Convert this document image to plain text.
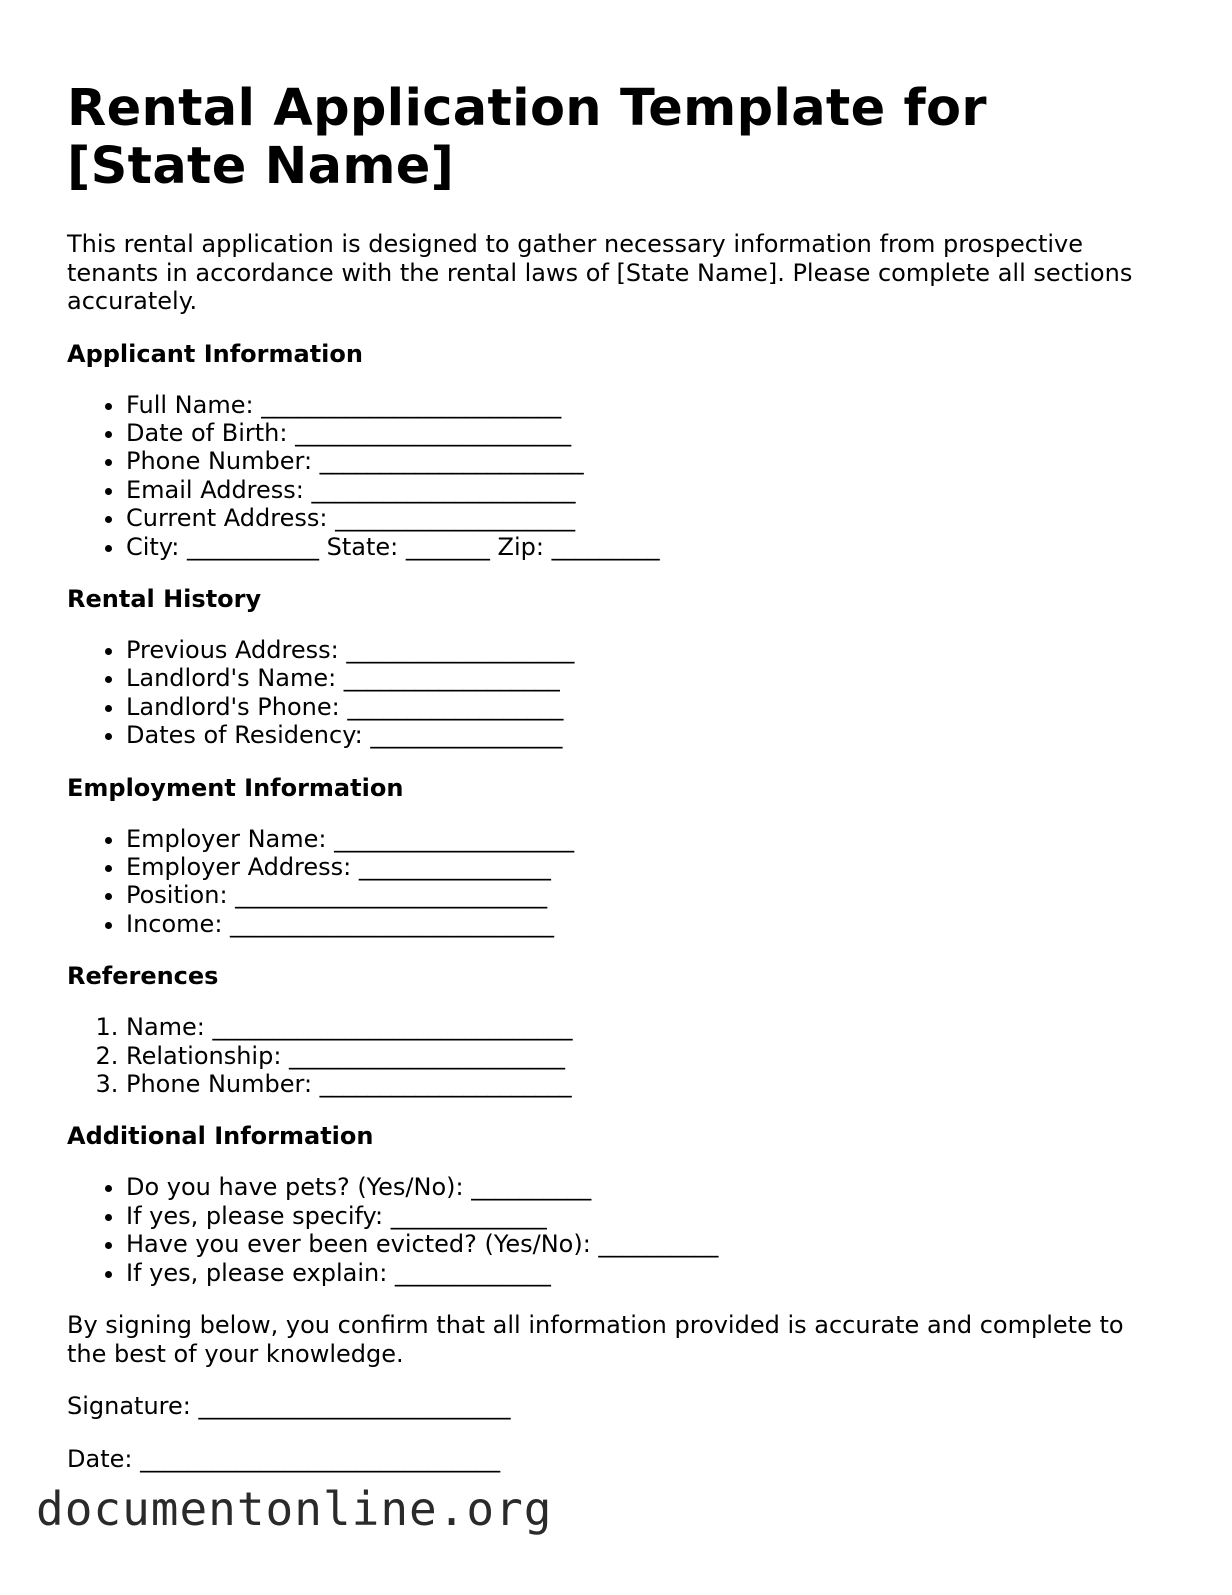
Rental Application Template for [State Name]

This rental application is designed to gather necessary information from prospective tenants in accordance with the rental laws of [State Name]. Please complete all sections accurately.

Applicant Information
• Full Name: _________________________
• Date of Birth: _______________________
• Phone Number: ______________________
• Email Address: ______________________
• Current Address: ____________________
• City: ___________ State: _______ Zip: _________
Rental History
• Previous Address: ___________________
• Landlord's Name: __________________
• Landlord's Phone: __________________
• Dates of Residency: ________________
Employment Information
• Employer Name: ____________________
• Employer Address: ________________
• Position: __________________________
• Income: ___________________________
References
1. Name: ______________________________
2. Relationship: _______________________
3. Phone Number: _____________________
Additional Information
• Do you have pets? (Yes/No): __________
• If yes, please specify: _____________
• Have you ever been evicted? (Yes/No): __________
• If yes, please explain: _____________

By signing below, you confirm that all information provided is accurate and complete to the best of your knowledge.

Signature: __________________________

Date: ______________________________

documentonline.org
